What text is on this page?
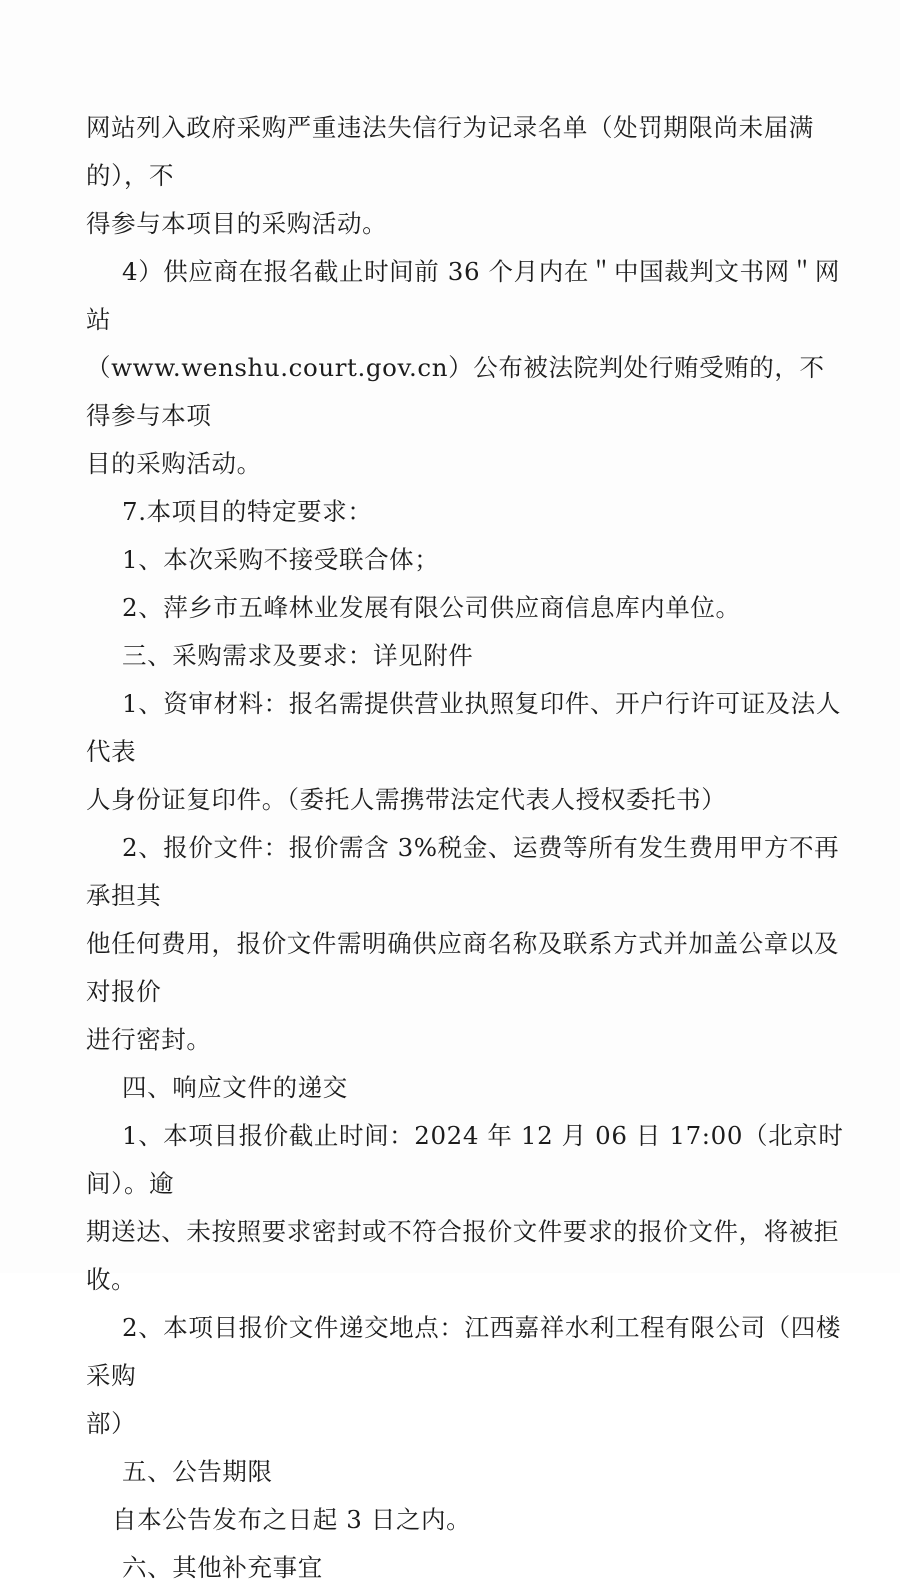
网站列入政府采购严重违法失信行为记录名单（处罚期限尚未届满的），不

得参与本项目的采购活动。

4）供应商在报名截止时间前 36 个月内在＂中国裁判文书网＂网站

（www.wenshu.court.gov.cn）公布被法院判处行贿受贿的，不得参与本项

目的采购活动。

7.本项目的特定要求：

1、本次采购不接受联合体；

2、萍乡市五峰林业发展有限公司供应商信息库内单位。

三、采购需求及要求：详见附件

1、资审材料：报名需提供营业执照复印件、开户行许可证及法人代表

人身份证复印件。（委托人需携带法定代表人授权委托书）

2、报价文件：报价需含 3%税金、运费等所有发生费用甲方不再承担其

他任何费用，报价文件需明确供应商名称及联系方式并加盖公章以及对报价

进行密封。

四、响应文件的递交

1、本项目报价截止时间：2024 年 12 月 06 日 17:00（北京时间）。逾

期送达、未按照要求密封或不符合报价文件要求的报价文件，将被拒收。

2、本项目报价文件递交地点：江西嘉祥水利工程有限公司（四楼采购

部）

五、公告期限

自本公告发布之日起 3 日之内。

六、其他补充事宜
